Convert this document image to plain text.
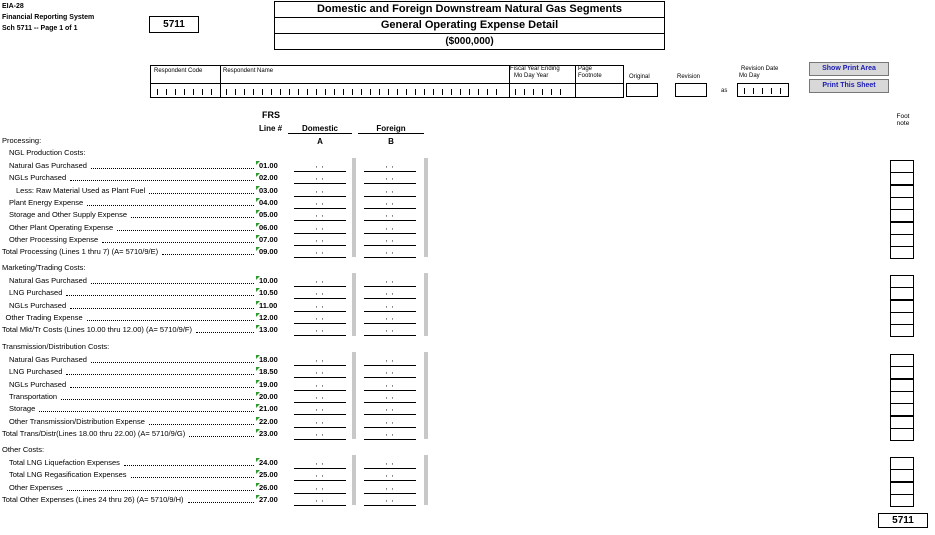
EIA-28
Financial Reporting System
Sch 5711 -- Page 1 of 1	5711
Domestic and Foreign Downstream Natural Gas Segments
General Operating Expense Detail
($000,000)
Respondent Code	Respondent Name	Fiscal Year Ending
Mo Day Year
Page Footnote	Original	Revision
as
Revision Date
Mo Day
Show Print Area
Print This Sheet
FRS
Line #	Domestic
A
Foreign
B
Foot note
Processing:
NGL Production Costs:
Natural Gas Purchased	01.00	, ,	, ,
NGLs Purchased	02.00	, ,	, ,
Less: Raw Material Used as Plant Fuel	03.00	, ,	, ,
Plant Energy Expense	04.00	, ,	, ,
Storage and Other Supply Expense	05.00	, ,	, ,
Other Plant Operating Expense	06.00	, ,	, ,
Other Processing Expense	07.00	, ,	, ,
Total Processing (Lines 1 thru 7) (A= 5710/9/E)	09.00	, ,	, ,
Marketing/Trading Costs:
Natural Gas Purchased	10.00	, ,	, ,
LNG Purchased	10.50	, ,	, ,
NGLs Purchased	11.00	, ,	, ,
Other Trading Expense	12.00	, ,	, ,
Total Mkt/Tr Costs (Lines 10.00 thru 12.00) (A= 5710/9/F)	13.00	, ,	, ,
Transmission/Distribution Costs:
Natural Gas Purchased	18.00	, ,	, ,
LNG Purchased	18.50	, ,	, ,
NGLs Purchased	19.00	, ,	, ,
Transportation	20.00	, ,	, ,
Storage	21.00	, ,	, ,
Other Transmission/Distribution Expense	22.00	, ,	, ,
Total Trans/Distr(Lines 18.00 thru 22.00) (A= 5710/9/G)	23.00	, ,	, ,
Other Costs:
Total LNG Liquefaction Expenses	24.00	, ,	, ,
Total LNG Regasification Expenses	25.00	, ,	, ,
Other Expenses	26.00	, ,	, ,
Total Other Expenses (Lines 24 thru 26) (A= 5710/9/H)	27.00	, ,	, ,
5711
